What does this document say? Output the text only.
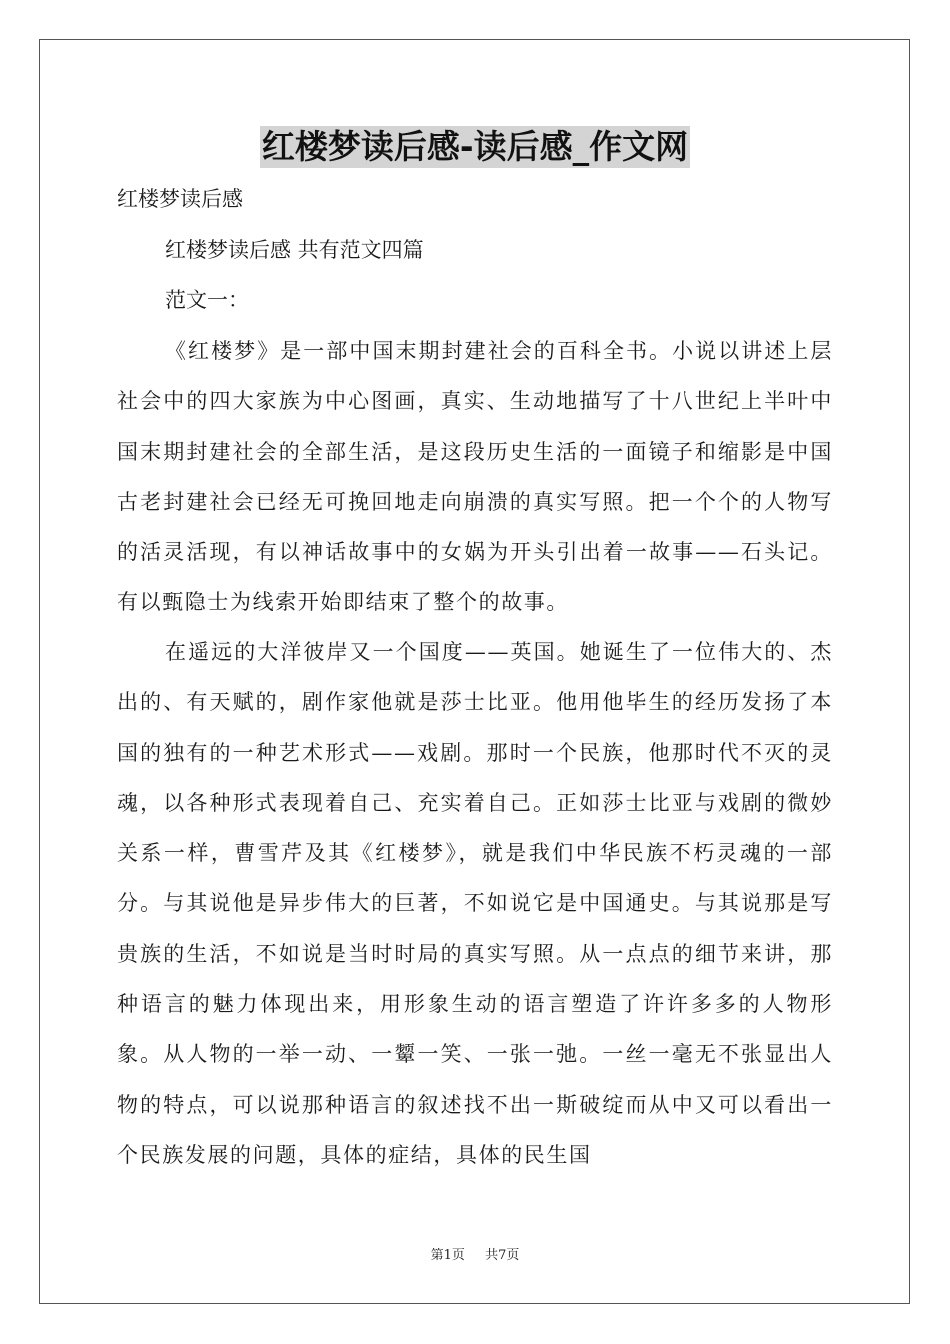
红楼梦读后感-读后感_作文网
红楼梦读后感
红楼梦读后感 共有范文四篇
范文一：

《红楼梦》是一部中国末期封建社会的百科全书。小说以讲述上层社会中的四大家族为中心图画，真实、生动地描写了十八世纪上半叶中国末期封建社会的全部生活，是这段历史生活的一面镜子和缩影是中国古老封建社会已经无可挽回地走向崩溃的真实写照。把一个个的人物写的活灵活现，有以神话故事中的女娲为开头引出着一故事——石头记。有以甄隐士为线索开始即结束了整个的故事。

在遥远的大洋彼岸又一个国度——英国。她诞生了一位伟大的、杰出的、有天赋的，剧作家他就是莎士比亚。他用他毕生的经历发扬了本国的独有的一种艺术形式——戏剧。那时一个民族，他那时代不灭的灵魂，以各种形式表现着自己、充实着自己。正如莎士比亚与戏剧的微妙关系一样，曹雪芹及其《红楼梦》，就是我们中华民族不朽灵魂的一部分。与其说他是异步伟大的巨著，不如说它是中国通史。与其说那是写贵族的生活，不如说是当时时局的真实写照。从一点点的细节来讲，那种语言的魅力体现出来，用形象生动的语言塑造了许许多多的人物形象。从人物的一举一动、一颦一笑、一张一弛。一丝一毫无不张显出人物的特点，可以说那种语言的叙述找不出一斯破绽而从中又可以看出一个民族发展的问题，具体的症结，具体的民生国

第1页 共7页
